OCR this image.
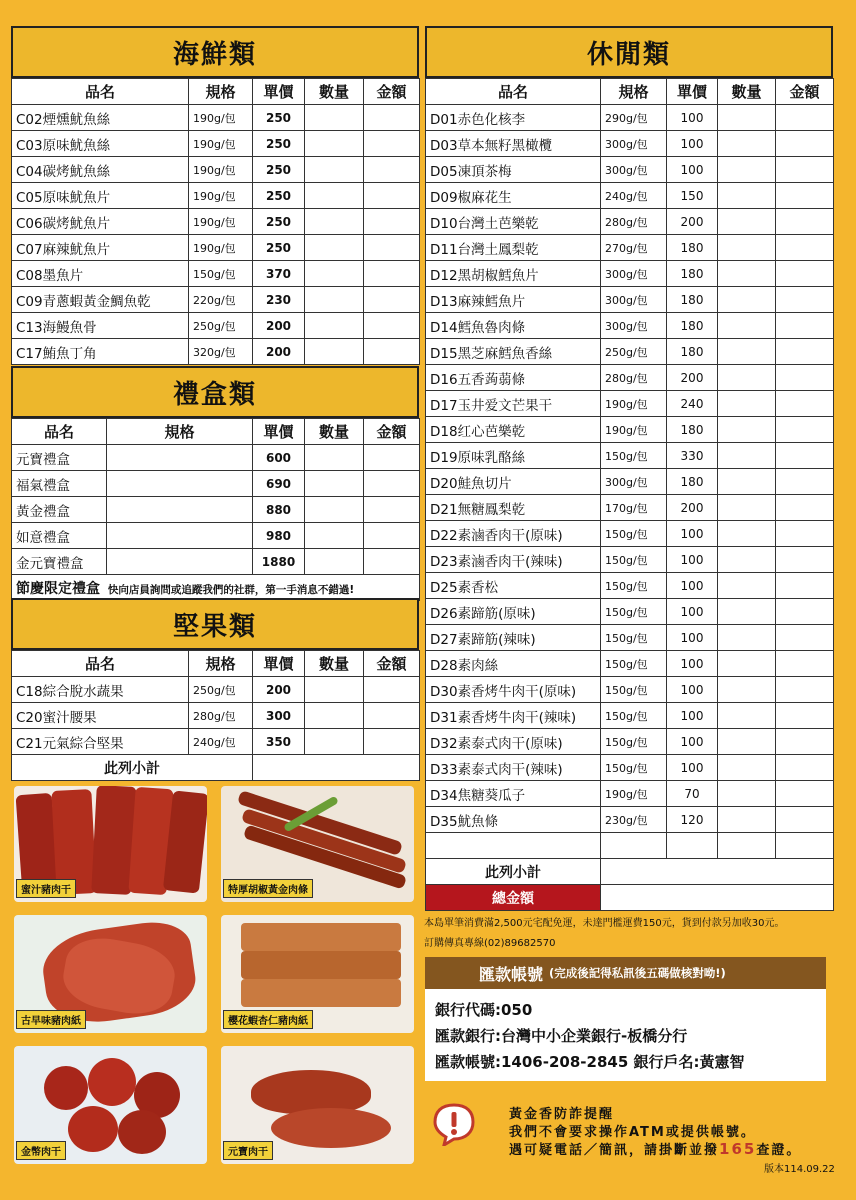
海鮮類
品名	規格	單價	數量	金額
C02煙燻魷魚絲	190g/包	250		
C03原味魷魚絲	190g/包	250		
C04碳烤魷魚絲	190g/包	250		
C05原味魷魚片	190g/包	250		
C06碳烤魷魚片	190g/包	250		
C07麻辣魷魚片	190g/包	250		
C08墨魚片	150g/包	370		
C09青蔥蝦黃金鯛魚乾	220g/包	230		
C13海鰻魚骨	250g/包	200		
C17鮪魚丁角	320g/包	200		
禮盒類
品名	規格	單價	數量	金額
元寶禮盒		600		
福氣禮盒		690		
黃金禮盒		880		
如意禮盒		980		
金元寶禮盒		1880		
節慶限定禮盒 快向店員詢問或追蹤我們的社群，第一手消息不錯過!				
堅果類
品名	規格	單價	數量	金額
C18綜合脫水蔬果	250g/包	200		
C20蜜汁腰果	280g/包	300		
C21元氣綜合堅果	240g/包	350		
此列小計				
休閒類
品名	規格	單價	數量	金額
D01赤色化核李	290g/包	100		
D03草本無籽黑橄欖	300g/包	100		
D05凍頂茶梅	300g/包	100		
D09椒麻花生	240g/包	150		
D10台灣土芭樂乾	280g/包	200		
D11台灣土鳳梨乾	270g/包	180		
D12黑胡椒鱈魚片	300g/包	180		
D13麻辣鱈魚片	300g/包	180		
D14鱈魚魯肉條	300g/包	180		
D15黑芝麻鱈魚香絲	250g/包	180		
D16五香蒟蒻條	280g/包	200		
D17玉井爱文芒果干	190g/包	240		
D18红心芭樂乾	190g/包	180		
D19原味乳酪絲	150g/包	330		
D20鮭魚切片	300g/包	180		
D21無糖鳳梨乾	170g/包	200		
D22素滷香肉干(原味)	150g/包	100		
D23素滷香肉干(辣味)	150g/包	100		
D25素香松	150g/包	100		
D26素蹄筋(原味)	150g/包	100		
D27素蹄筋(辣味)	150g/包	100		
D28素肉絲	150g/包	100		
D30素香烤牛肉干(原味)	150g/包	100		
D31素香烤牛肉干(辣味)	150g/包	100		
D32素泰式肉干(原味)	150g/包	100		
D33素泰式肉干(辣味)	150g/包	100		
D34焦糖葵瓜子	190g/包	70		
D35魷魚條	230g/包	120		

此列小計				
總金額				
蜜汁豬肉干	特厚胡椒黃金肉條
古早味豬肉紙	櫻花蝦杏仁豬肉紙
金幣肉干	元寶肉干
本島單筆消費滿2,500元宅配免運，未達門檻運費150元，貨到付款另加收30元。
訂購傳真專線(02)89682570
匯款帳號 (完成後記得私訊後五碼做核對呦!)
銀行代碼:050
匯款銀行:台灣中小企業銀行-板橋分行
匯款帳號:1406-208-2845 銀行戶名:黃憲智
黃金香防詐提醒
我們不會要求操作ATM或提供帳號。
遇可疑電話／簡訊，請掛斷並撥165查證。
版本114.09.22
